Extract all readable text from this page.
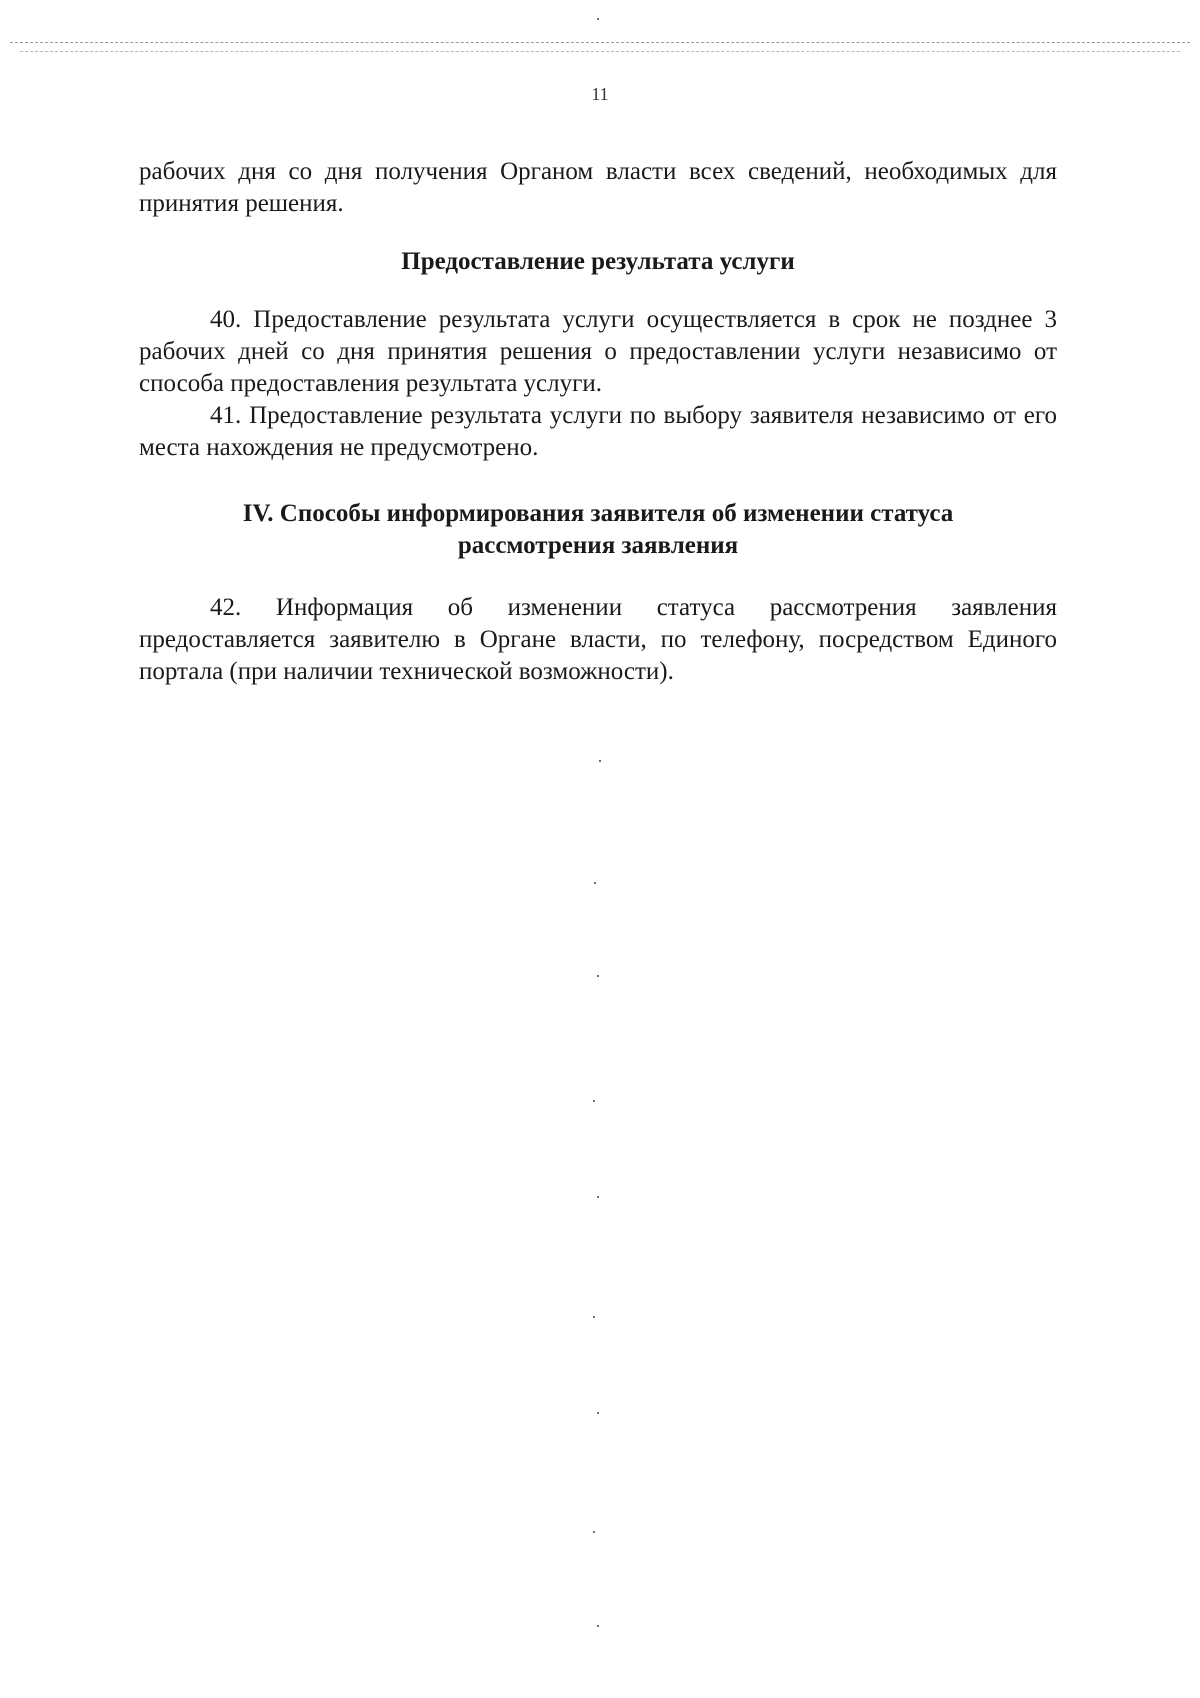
11

рабочих дня со дня получения Органом власти всех сведений, необходимых для принятия решения.

Предоставление результата услуги

40. Предоставление результата услуги осуществляется в срок не позднее 3 рабочих дней со дня принятия решения о предоставлении услуги независимо от способа предоставления результата услуги.

41. Предоставление результата услуги по выбору заявителя независимо от его места нахождения не предусмотрено.

IV. Способы информирования заявителя об изменении статуса
рассмотрения заявления

42. Информация об изменении статуса рассмотрения заявления предоставляется заявителю в Органе власти, по телефону, посредством Единого портала (при наличии технической возможности).
